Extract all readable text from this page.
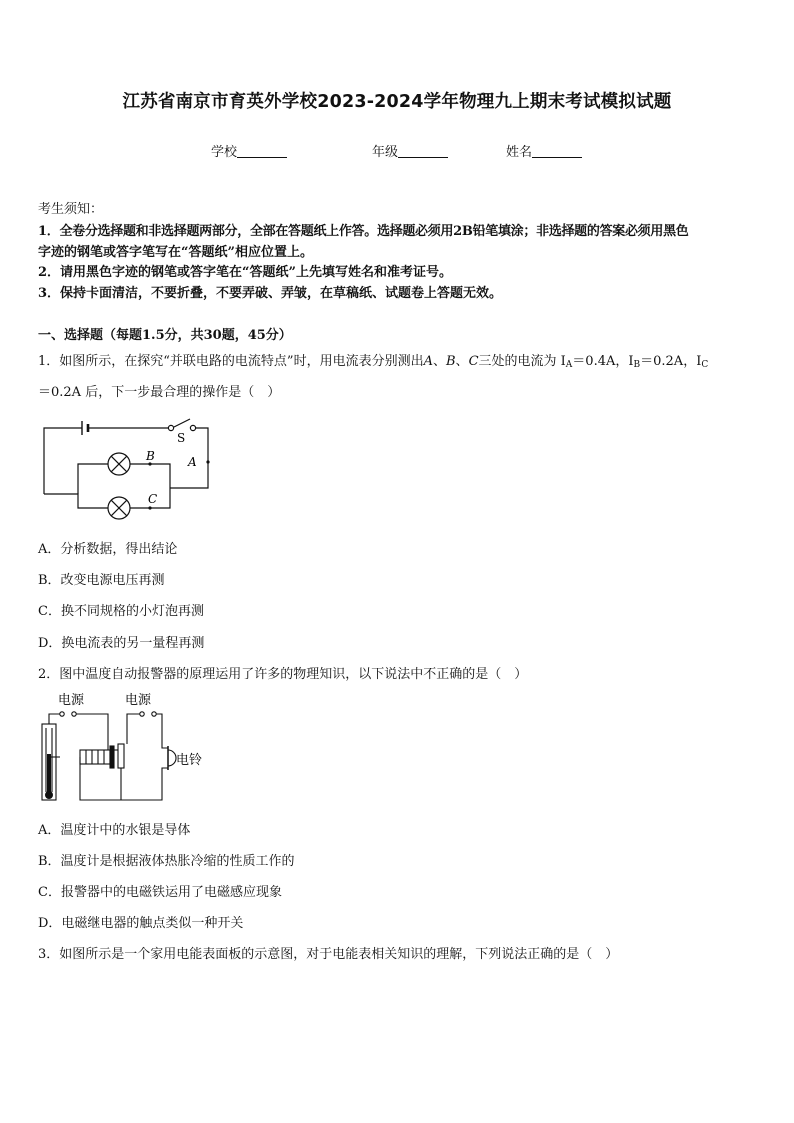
江苏省南京市育英外学校2023-2024学年物理九上期末考试模拟试题
学校	年级	姓名
考生须知：
1．全卷分选择题和非选择题两部分，全部在答题纸上作答。选择题必须用2B铅笔填涂；非选择题的答案必须用黑色
字迹的钢笔或答字笔写在“答题纸”相应位置上。
2．请用黑色字迹的钢笔或答字笔在“答题纸”上先填写姓名和准考证号。
3．保持卡面清洁，不要折叠，不要弄破、弄皱，在草稿纸、试题卷上答题无效。
一、选择题（每题1.5分，共30题，45分）
1．如图所示，在探究“并联电路的电流特点”时，用电流表分别测出A、B、C三处的电流为 IA＝0.4A，IB＝0.2A，IC
＝0.2A 后，下一步最合理的操作是（　）
S
B	A
C
A．分析数据，得出结论
B．改变电源电压再测
C．换不同规格的小灯泡再测
D．换电流表的另一量程再测
2．图中温度自动报警器的原理运用了许多的物理知识，以下说法中不正确的是（　）
电源	电源
电铃
A．温度计中的水银是导体
B．温度计是根据液体热胀冷缩的性质工作的
C．报警器中的电磁铁运用了电磁感应现象
D．电磁继电器的触点类似一种开关
3．如图所示是一个家用电能表面板的示意图，对于电能表相关知识的理解，下列说法正确的是（　）
